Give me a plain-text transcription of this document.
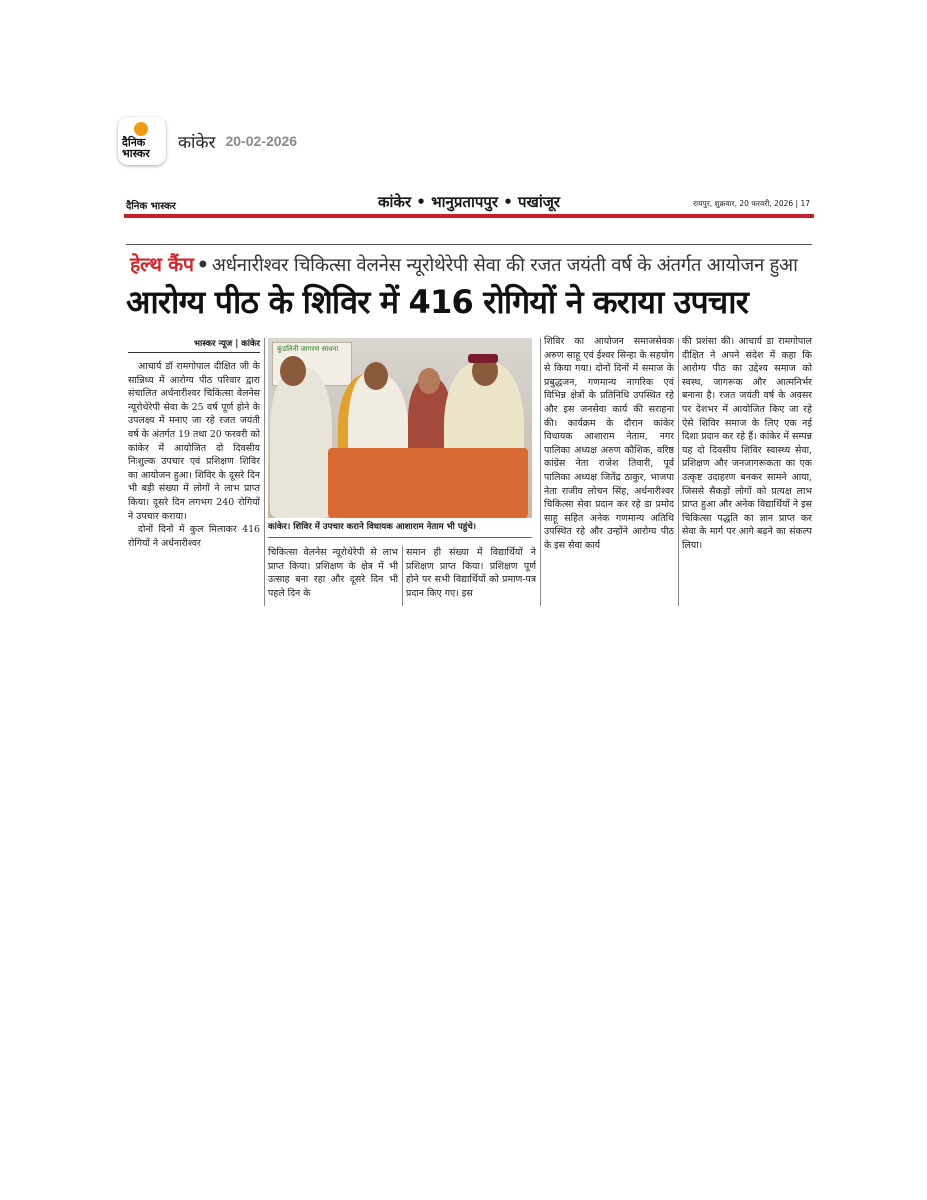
दैनिक
भास्कर
कांकेर 20-02-2026
दैनिक भास्कर	कांकेर • भानुप्रतापपुर • पखांजूर	रायपुर, शुक्रवार, 20 फरवरी, 2026 | 17
हेल्थ कैंप • अर्धनारीश्वर चिकित्सा वेलनेस न्यूरोथेरेपी सेवा की रजत जयंती वर्ष के अंतर्गत आयोजन हुआ
आरोग्य पीठ के शिविर में 416 रोगियों ने कराया उपचार
भास्कर न्यूज | कांकेर

आचार्य डॉ रामगोपाल दीक्षित जी के सान्निध्य में आरोग्य पीठ परिवार द्वारा संचालित अर्धनारीश्वर चिकित्सा वेलनेस न्यूरोथेरेपी सेवा के 25 वर्ष पूर्ण होने के उपलक्ष्य में मनाए जा रहे रजत जयंती वर्ष के अंतर्गत 19 तथा 20 फरवरी को कांकेर में आयोजित दो दिवसीय निःशुल्क उपचार एवं प्रशिक्षण शिविर का आयोजन हुआ। शिविर के दूसरे दिन भी बड़ी संख्या में लोगों ने लाभ प्राप्त किया। दूसरे दिन लगभग 240 रोगियों ने उपचार कराया।

दोनों दिनों में कुल मिलाकर 416 रोगियों ने अर्धनारीश्वर

कुंडलिनी जागरण साधना
कांकेर। शिविर में उपचार कराने विधायक आशाराम नेताम भी पहुंचे।

चिकित्सा वेलनेस न्यूरोथेरेपी से लाभ प्राप्त किया। प्रशिक्षण के क्षेत्र में भी उत्साह बना रहा और दूसरे दिन भी पहले दिन के

समान ही संख्या में विद्यार्थियों ने प्रशिक्षण प्राप्त किया। प्रशिक्षण पूर्ण होने पर सभी विद्यार्थियों को प्रमाण-पत्र प्रदान किए गए। इस

शिविर का आयोजन समाजसेवक अरुण साहू एवं ईश्वर सिन्हा के सहयोग से किया गया। दोनों दिनों में समाज के प्रबुद्धजन, गणमान्य नागरिक एवं विभिन्न क्षेत्रों के प्रतिनिधि उपस्थित रहे और इस जनसेवा कार्य की सराहना की। कार्यक्रम के दौरान कांकेर विधायक आशाराम नेताम, नगर पालिका अध्यक्ष अरुण कौशिक, वरिष्ठ कांग्रेस नेता राजेश तिवारी, पूर्व पालिका अध्यक्ष जितेंद्र ठाकुर, भाजपा नेता राजीव लोचन सिंह, अर्धनारीश्वर चिकित्सा सेवा प्रदान कर रहे डा प्रमोद साहू सहित अनेक गणमान्य अतिथि उपस्थित रहे और उन्होंने आरोग्य पीठ के इस सेवा कार्य

की प्रशंसा की। आचार्य डा रामगोपाल दीक्षित ने अपने संदेश में कहा कि आरोग्य पीठ का उद्देश्य समाज को स्वस्थ, जागरूक और आत्मनिर्भर बनाना है। रजत जयंती वर्ष के अवसर पर देशभर में आयोजित किए जा रहे ऐसे शिविर समाज के लिए एक नई दिशा प्रदान कर रहे हैं। कांकेर में सम्पन्न यह दो दिवसीय शिविर स्वास्थ्य सेवा, प्रशिक्षण और जनजागरूकता का एक उत्कृष्ट उदाहरण बनकर सामने आया, जिससे सैकड़ों लोगों को प्रत्यक्ष लाभ प्राप्त हुआ और अनेक विद्यार्थियों ने इस चिकित्सा पद्धति का ज्ञान प्राप्त कर सेवा के मार्ग पर आगे बढ़ने का संकल्प लिया।
